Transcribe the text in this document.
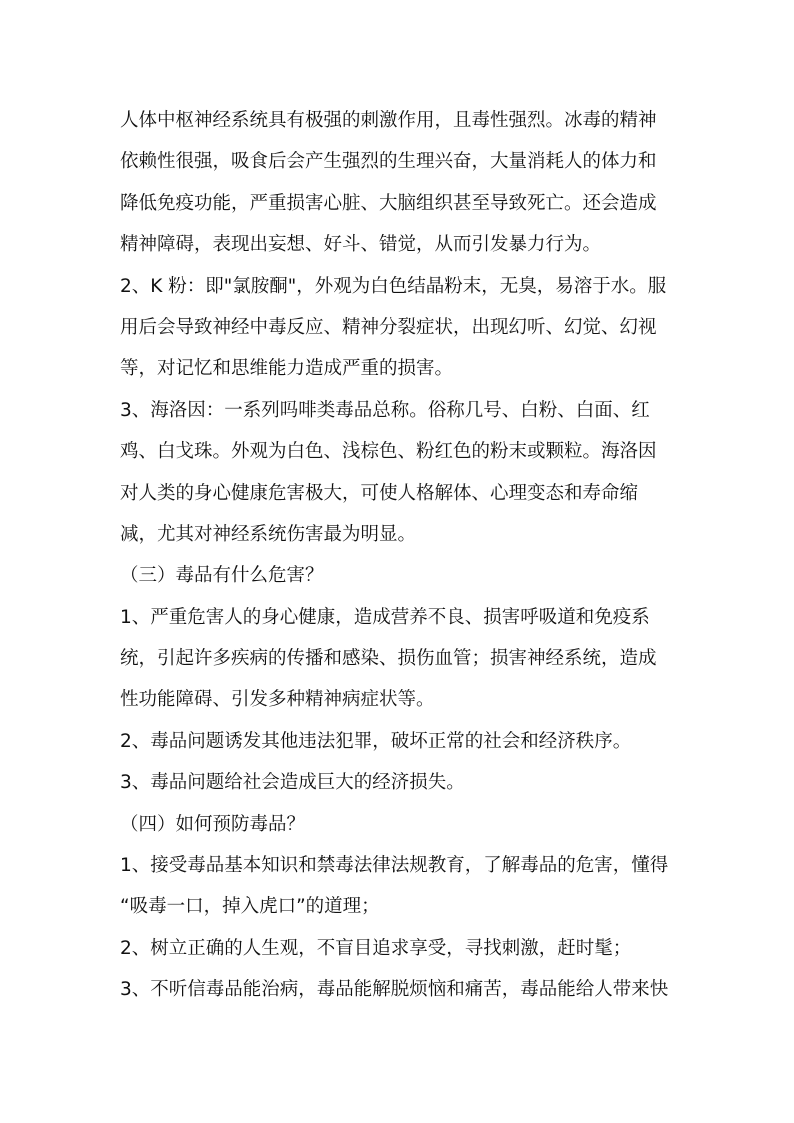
人体中枢神经系统具有极强的刺激作用，且毒性强烈。冰毒的精神
依赖性很强，吸食后会产生强烈的生理兴奋，大量消耗人的体力和
降低免疫功能，严重损害心脏、大脑组织甚至导致死亡。还会造成
精神障碍，表现出妄想、好斗、错觉，从而引发暴力行为。
2、K 粉：即"氯胺酮"，外观为白色结晶粉末，无臭，易溶于水。服
用后会导致神经中毒反应、精神分裂症状，出现幻听、幻觉、幻视
等，对记忆和思维能力造成严重的损害。
3、海洛因：一系列吗啡类毒品总称。俗称几号、白粉、白面、红
鸡、白戈珠。外观为白色、浅棕色、粉红色的粉末或颗粒。海洛因
对人类的身心健康危害极大，可使人格解体、心理变态和寿命缩
减，尤其对神经系统伤害最为明显。
（三）毒品有什么危害？
1、严重危害人的身心健康，造成营养不良、损害呼吸道和免疫系
统，引起许多疾病的传播和感染、损伤血管；损害神经系统，造成
性功能障碍、引发多种精神病症状等。
2、毒品问题诱发其他违法犯罪，破坏正常的社会和经济秩序。
3、毒品问题给社会造成巨大的经济损失。
（四）如何预防毒品？
1、接受毒品基本知识和禁毒法律法规教育，了解毒品的危害，懂得
“吸毒一口，掉入虎口”的道理；
2、树立正确的人生观，不盲目追求享受，寻找刺激，赶时髦；
3、不听信毒品能治病，毒品能解脱烦恼和痛苦，毒品能给人带来快
